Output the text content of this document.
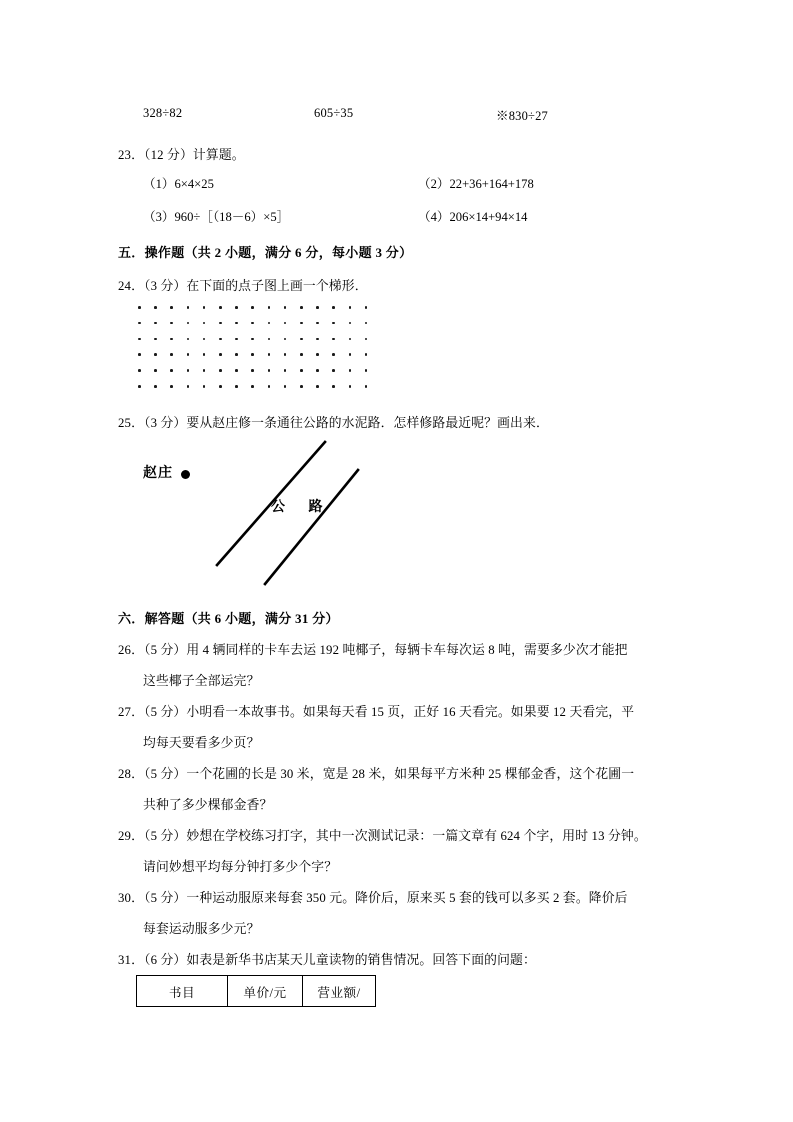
328÷82	605÷35	※830÷27
23．（12 分）计算题。
（1）6×4×25	（2）22+36+164+178
（3）960÷［（18－6）×5］	（4）206×14+94×14
五．操作题（共 2 小题，满分 6 分，每小题 3 分）
24．（3 分）在下面的点子图上画一个梯形．
25．（3 分）要从赵庄修一条通往公路的水泥路．怎样修路最近呢？画出来．
赵庄
公 路
六．解答题（共 6 小题，满分 31 分）
26．（5 分）用 4 辆同样的卡车去运 192 吨椰子，每辆卡车每次运 8 吨，需要多少次才能把
这些椰子全部运完？
27．（5 分）小明看一本故事书。如果每天看 15 页，正好 16 天看完。如果要 12 天看完，平
均每天要看多少页？
28．（5 分）一个花圃的长是 30 米，宽是 28 米，如果每平方米种 25 棵郁金香，这个花圃一
共种了多少棵郁金香？
29．（5 分）妙想在学校练习打字，其中一次测试记录：一篇文章有 624 个字，用时 13 分钟。
请问妙想平均每分钟打多少个字？
30．（5 分）一种运动服原来每套 350 元。降价后，原来买 5 套的钱可以多买 2 套。降价后
每套运动服多少元？
31．（6 分）如表是新华书店某天儿童读物的销售情况。回答下面的问题：
书目	单价/元	营业额/
